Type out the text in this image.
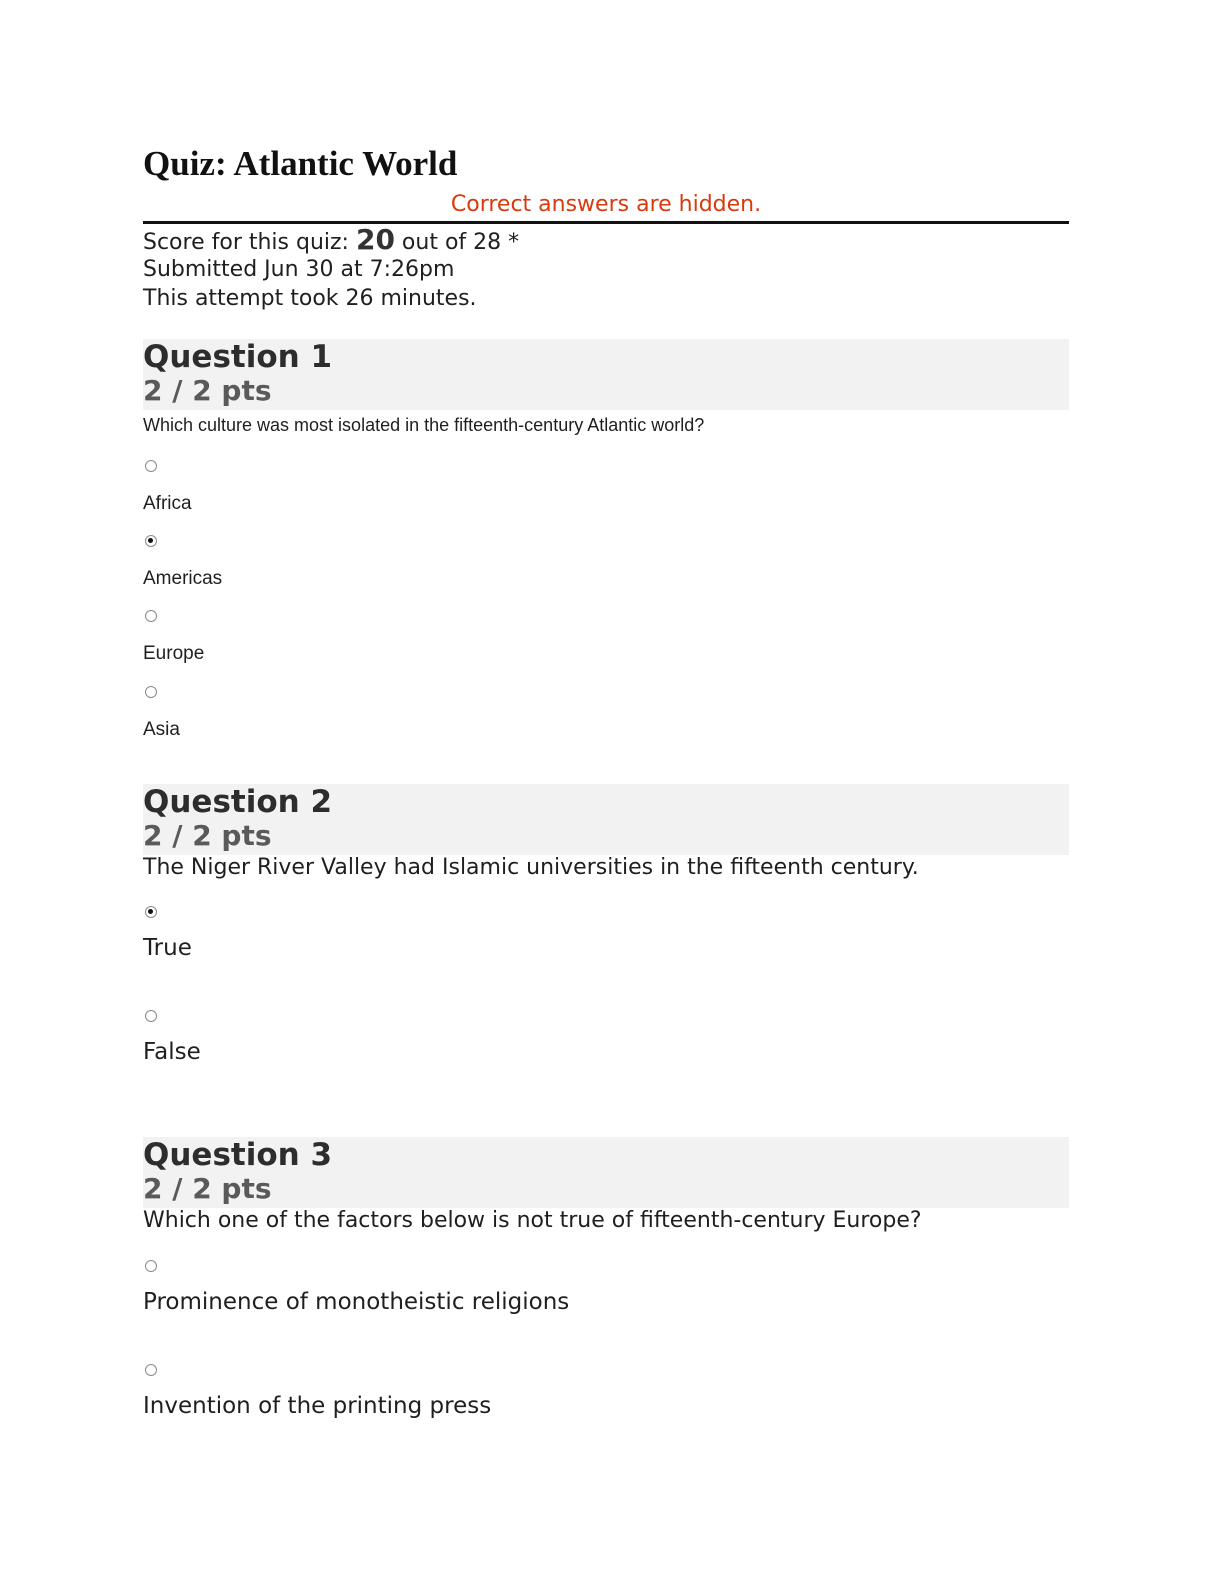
Quiz: Atlantic World
Correct answers are hidden.
Score for this quiz: 20 out of 28 *
Submitted Jun 30 at 7:26pm
This attempt took 26 minutes.
Question 1
2 / 2 pts
Which culture was most isolated in the fifteenth-century Atlantic world?
Africa
Americas
Europe
Asia
Question 2
2 / 2 pts
The Niger River Valley had Islamic universities in the fifteenth century.
True
False
Question 3
2 / 2 pts
Which one of the factors below is not true of fifteenth-century Europe?
Prominence of monotheistic religions
Invention of the printing press
